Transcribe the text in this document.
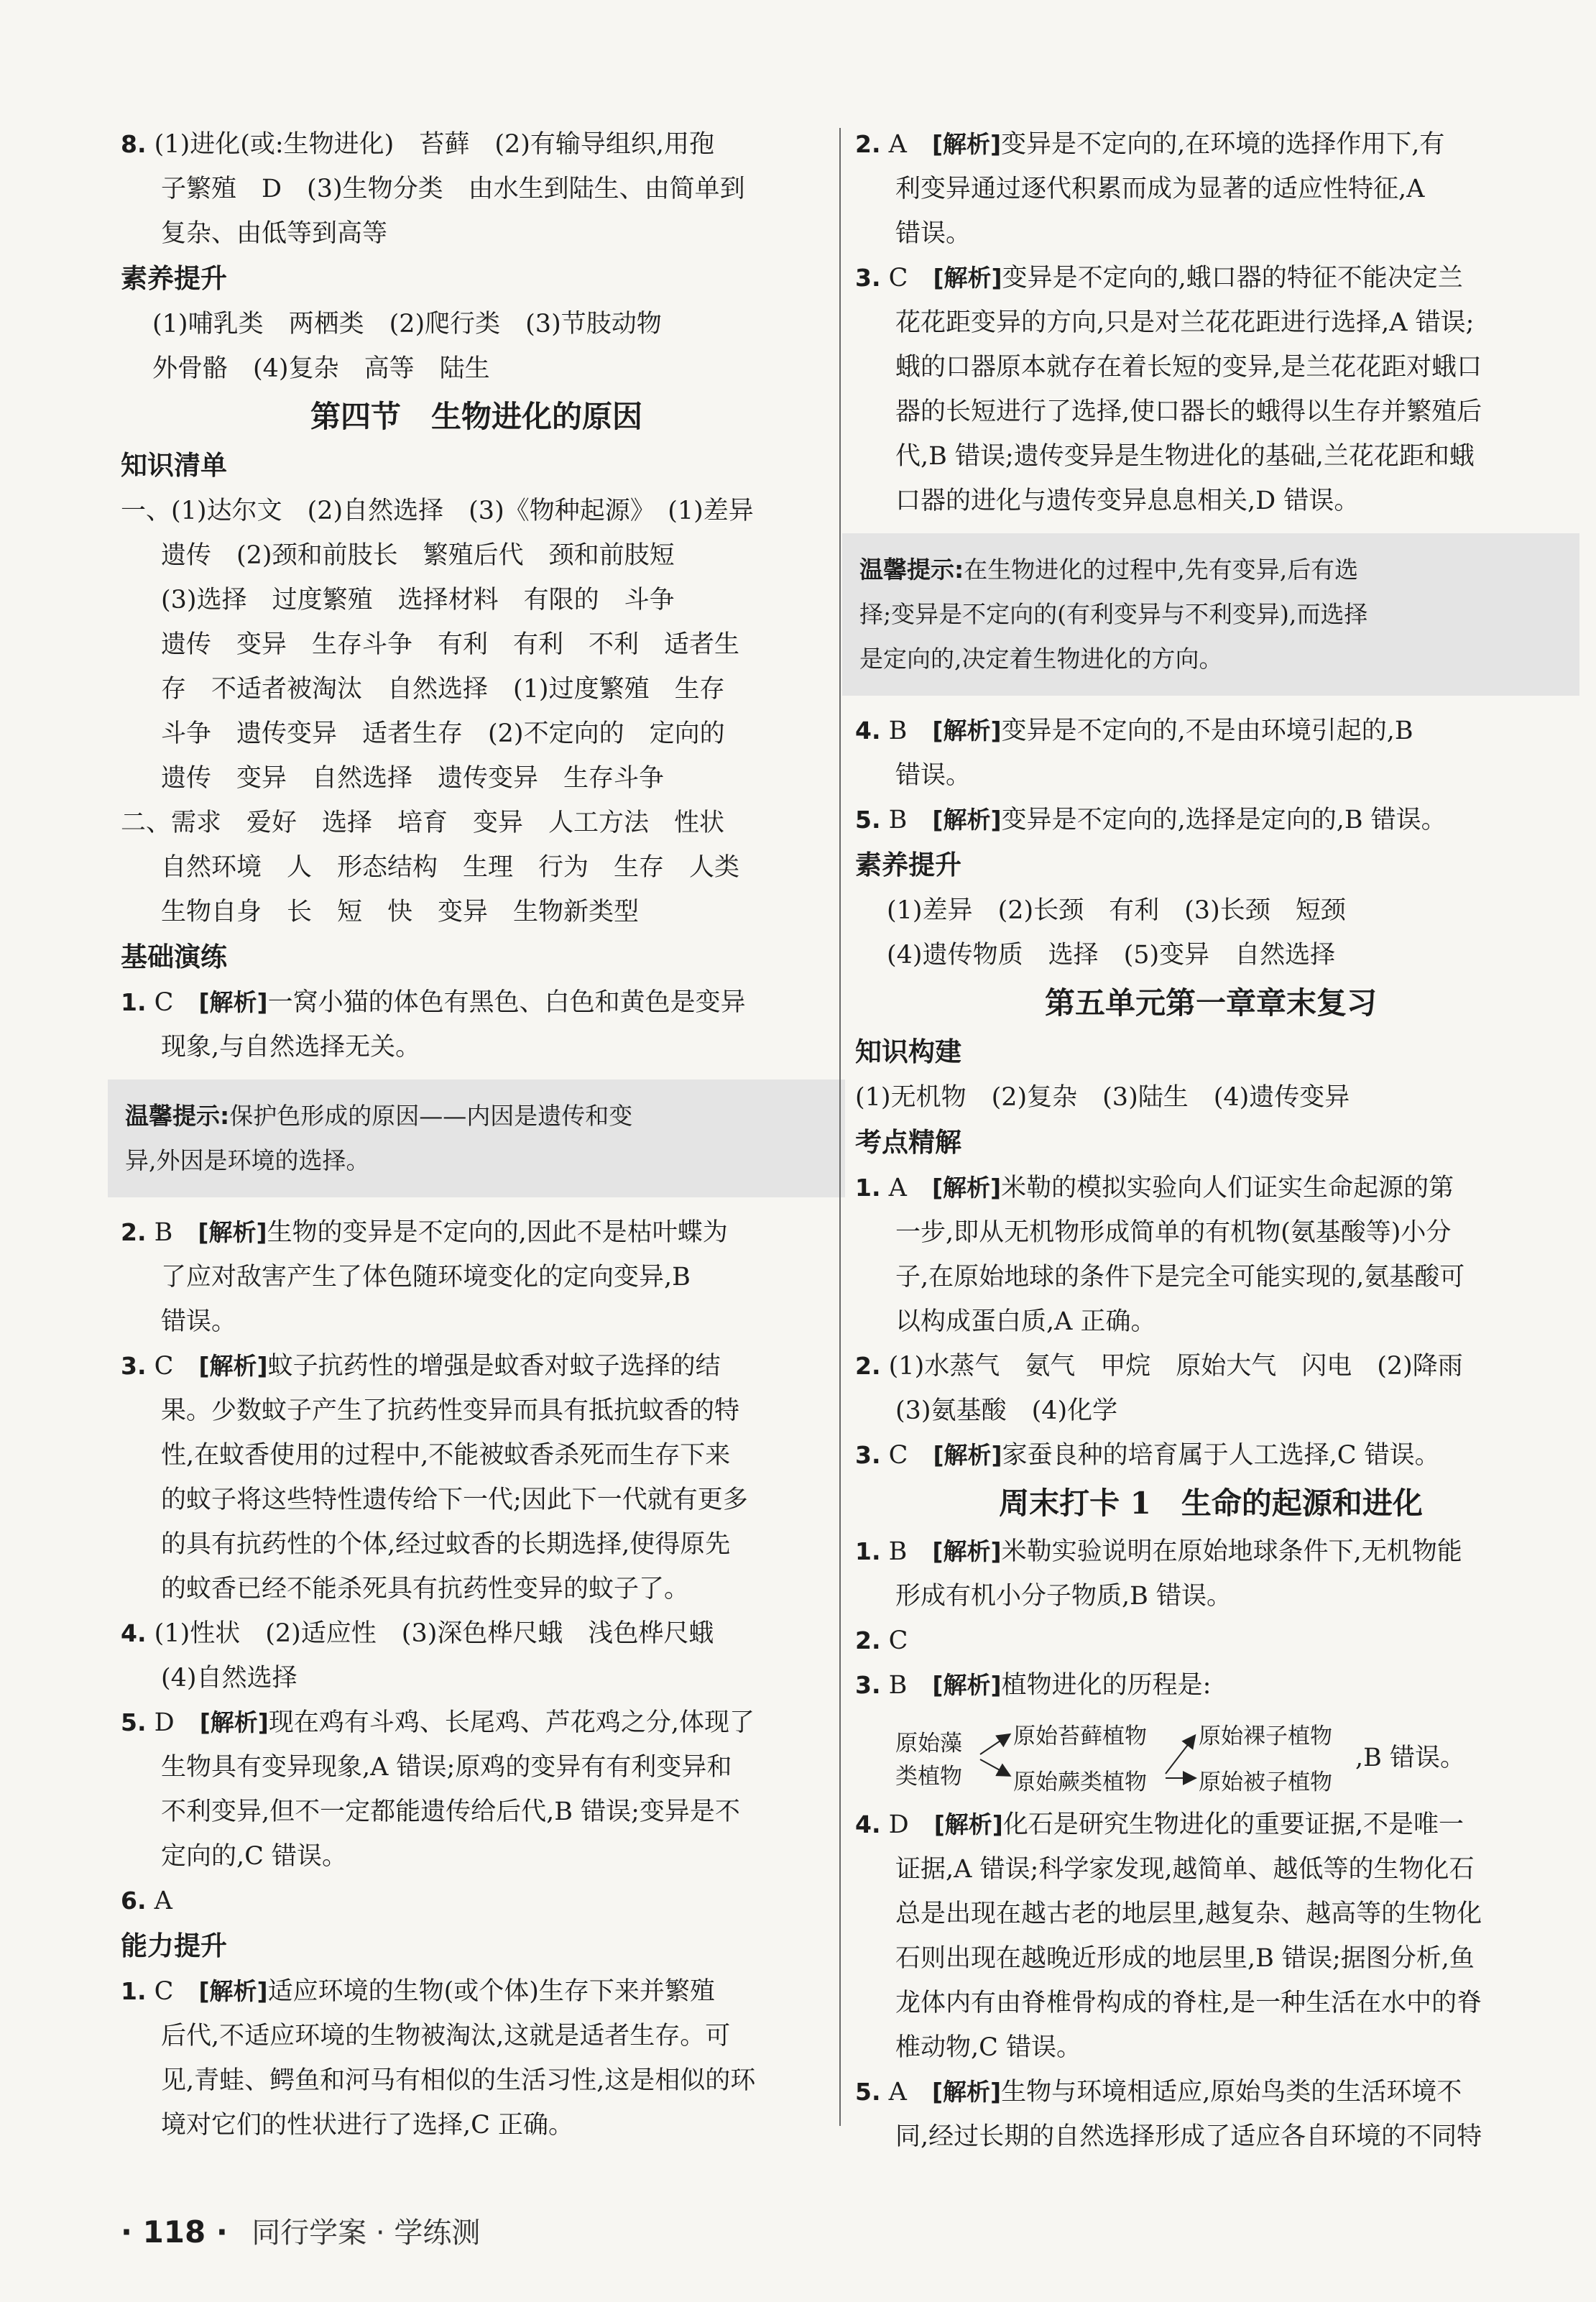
8. (1)进化(或:生物进化)　苔藓　(2)有输导组织,用孢

子繁殖　D　(3)生物分类　由水生到陆生、由简单到

复杂、由低等到高等

素养提升

(1)哺乳类　两栖类　(2)爬行类　(3)节肢动物

外骨骼　(4)复杂　高等　陆生

第四节　生物进化的原因

知识清单

一、(1)达尔文　(2)自然选择　(3)《物种起源》　(1)差异

遗传　(2)颈和前肢长　繁殖后代　颈和前肢短

(3)选择　过度繁殖　选择材料　有限的　斗争

遗传　变异　生存斗争　有利　有利　不利　适者生

存　不适者被淘汰　自然选择　(1)过度繁殖　生存

斗争　遗传变异　适者生存　(2)不定向的　定向的

遗传　变异　自然选择　遗传变异　生存斗争

二、需求　爱好　选择　培育　变异　人工方法　性状

自然环境　人　形态结构　生理　行为　生存　人类

生物自身　长　短　快　变异　生物新类型

基础演练

1. C　 [解析]一窝小猫的体色有黑色、白色和黄色是变异

现象,与自然选择无关。

温馨提示:保护色形成的原因——内因是遗传和变
异,外因是环境的选择。

2. B　 [解析]生物的变异是不定向的,因此不是枯叶蝶为

了应对敌害产生了体色随环境变化的定向变异,B

错误。

3. C　 [解析]蚊子抗药性的增强是蚊香对蚊子选择的结

果。少数蚊子产生了抗药性变异而具有抵抗蚊香的特

性,在蚊香使用的过程中,不能被蚊香杀死而生存下来

的蚊子将这些特性遗传给下一代;因此下一代就有更多

的具有抗药性的个体,经过蚊香的长期选择,使得原先

的蚊香已经不能杀死具有抗药性变异的蚊子了。

4. (1)性状　(2)适应性　(3)深色桦尺蛾　浅色桦尺蛾

(4)自然选择

5. D　 [解析]现在鸡有斗鸡、长尾鸡、芦花鸡之分,体现了

生物具有变异现象,A 错误;原鸡的变异有有利变异和

不利变异,但不一定都能遗传给后代,B 错误;变异是不

定向的,C 错误。

6. A

能力提升

1. C　 [解析]适应环境的生物(或个体)生存下来并繁殖

后代,不适应环境的生物被淘汰,这就是适者生存。可

见,青蛙、鳄鱼和河马有相似的生活习性,这是相似的环

境对它们的性状进行了选择,C 正确。

2. A　 [解析]变异是不定向的,在环境的选择作用下,有

利变异通过逐代积累而成为显著的适应性特征,A

错误。

3. C　 [解析]变异是不定向的,蛾口器的特征不能决定兰

花花距变异的方向,只是对兰花花距进行选择,A 错误;

蛾的口器原本就存在着长短的变异,是兰花花距对蛾口

器的长短进行了选择,使口器长的蛾得以生存并繁殖后

代,B 错误;遗传变异是生物进化的基础,兰花花距和蛾

口器的进化与遗传变异息息相关,D 错误。

温馨提示:在生物进化的过程中,先有变异,后有选
择;变异是不定向的(有利变异与不利变异),而选择
是定向的,决定着生物进化的方向。

4. B　 [解析]变异是不定向的,不是由环境引起的,B

错误。

5. B　 [解析]变异是不定向的,选择是定向的,B 错误。

素养提升

(1)差异　(2)长颈　有利　(3)长颈　短颈

(4)遗传物质　选择　(5)变异　自然选择

第五单元第一章章末复习

知识构建

(1)无机物　(2)复杂　(3)陆生　(4)遗传变异

考点精解

1. A　 [解析]米勒的模拟实验向人们证实生命起源的第

一步,即从无机物形成简单的有机物(氨基酸等)小分

子,在原始地球的条件下是完全可能实现的,氨基酸可

以构成蛋白质,A 正确。

2. (1)水蒸气　氨气　甲烷　原始大气　闪电　(2)降雨

(3)氨基酸　(4)化学

3. C　 [解析]家蚕良种的培育属于人工选择,C 错误。

周末打卡 1　生命的起源和进化

1. B　 [解析]米勒实验说明在原始地球条件下,无机物能

形成有机小分子物质,B 错误。

2. C

3. B　 [解析]植物进化的历程是:

原始藻
类植物
原始苔藓植物
原始蕨类植物
原始裸子植物
原始被子植物
,B 错误。

4. D　 [解析]化石是研究生物进化的重要证据,不是唯一

证据,A 错误;科学家发现,越简单、越低等的生物化石

总是出现在越古老的地层里,越复杂、越高等的生物化

石则出现在越晚近形成的地层里,B 错误;据图分析,鱼

龙体内有由脊椎骨构成的脊柱,是一种生活在水中的脊

椎动物,C 错误。

5. A　 [解析]生物与环境相适应,原始鸟类的生活环境不

同,经过长期的自然选择形成了适应各自环境的不同特

· 118 · 同行学案 · 学练测
